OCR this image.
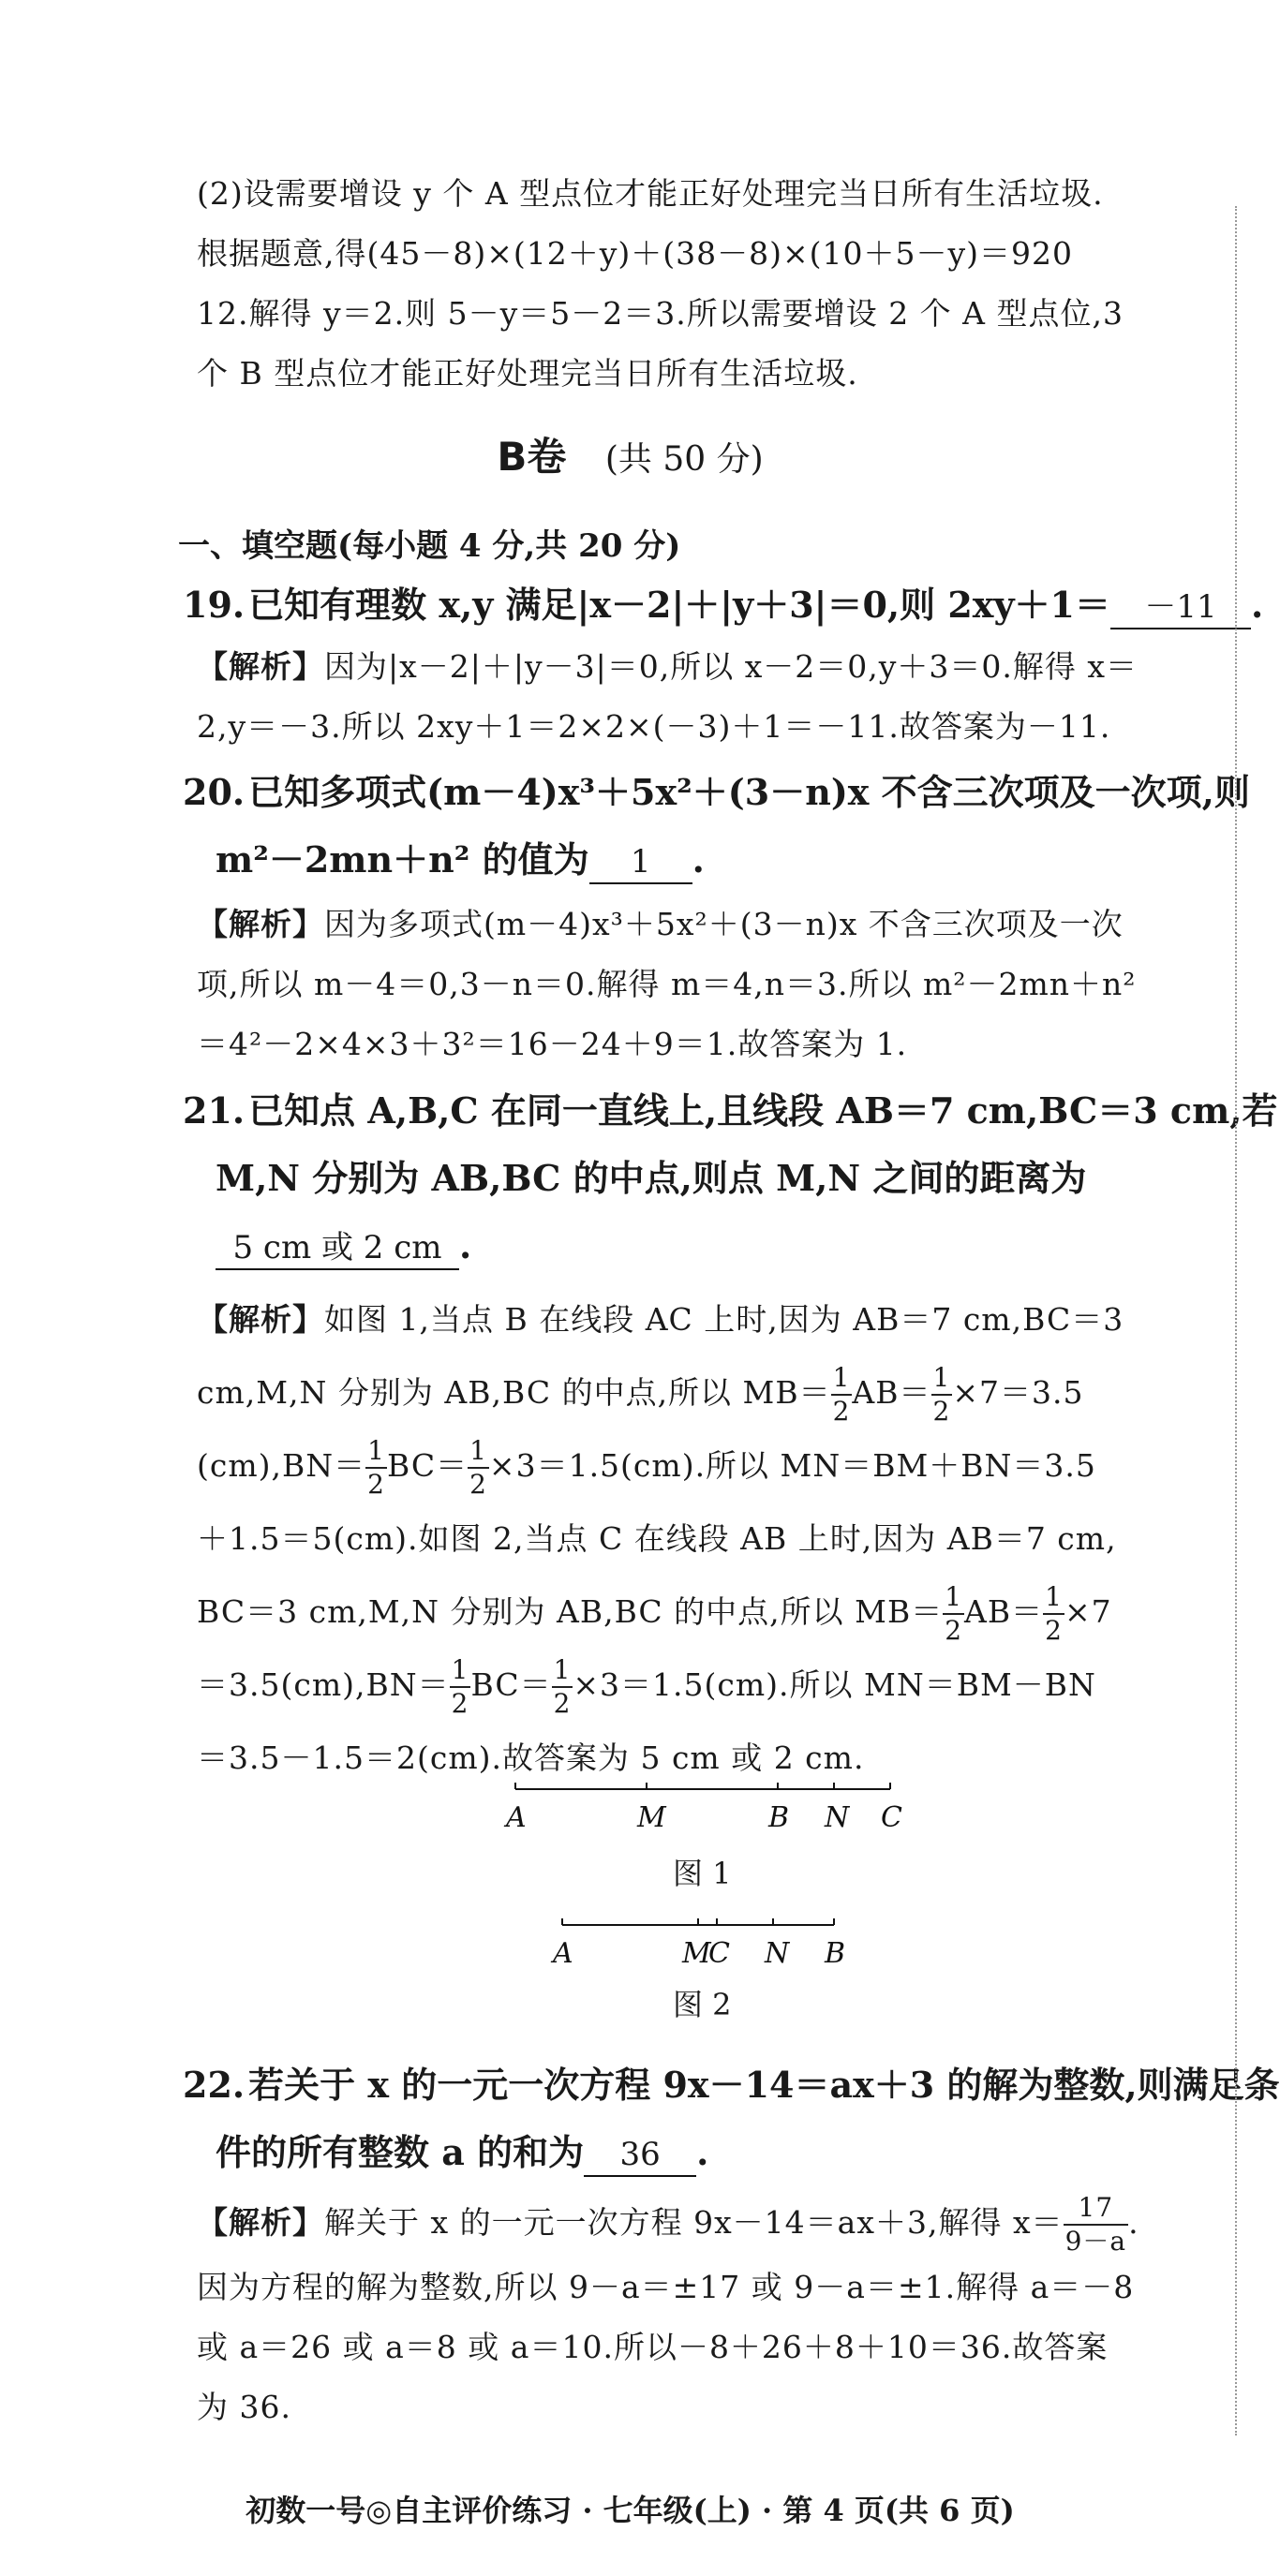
(2)设需要增设 y 个 A 型点位才能正好处理完当日所有生活垃圾.
根据题意,得(45－8)×(12＋y)＋(38－8)×(10＋5－y)＝920
12.解得 y＝2.则 5－y＝5－2＝3.所以需要增设 2 个 A 型点位,3
个 B 型点位才能正好处理完当日所有生活垃圾.
B卷 (共 50 分)
一、填空题(每小题 4 分,共 20 分)
19. 已知有理数 x,y 满足|x－2|＋|y＋3|＝0,则 2xy＋1＝ －11 .
【解析】因为|x－2|＋|y－3|＝0,所以 x－2＝0,y＋3＝0.解得 x＝
2,y＝－3.所以 2xy＋1＝2×2×(－3)＋1＝－11.故答案为－11.
20. 已知多项式(m－4)x³＋5x²＋(3－n)x 不含三次项及一次项,则
m²－2mn＋n² 的值为 1 .
【解析】因为多项式(m－4)x³＋5x²＋(3－n)x 不含三次项及一次
项,所以 m－4＝0,3－n＝0.解得 m＝4,n＝3.所以 m²－2mn＋n²
＝4²－2×4×3＋3²＝16－24＋9＝1.故答案为 1.
21. 已知点 A,B,C 在同一直线上,且线段 AB＝7 cm,BC＝3 cm,若
M,N 分别为 AB,BC 的中点,则点 M,N 之间的距离为
5 cm 或 2 cm .
【解析】如图 1,当点 B 在线段 AC 上时,因为 AB＝7 cm,BC＝3
cm,M,N 分别为 AB,BC 的中点,所以 $MB= \frac{1}{2} AB= \frac{1}{2} \times 7=3.5$
$(cm),BN= \frac{1}{2} BC= \frac{1}{2} \times 3=1.5(cm)$.所以 MN＝BM＋BN＝3.5
＋1.5＝5(cm).如图 2,当点 C 在线段 AB 上时,因为 AB＝7 cm,
BC＝3 cm,M,N 分别为 AB,BC 的中点,所以 $MB= \frac{1}{2} AB= \frac{1}{2} \times 7$
$=3.5(cm),BN= \frac{1}{2} BC= \frac{1}{2} \times 3=1.5(cm)$.所以 MN＝BM－BN
＝3.5－1.5＝2(cm).故答案为 5 cm 或 2 cm.
A	M	B N C
图 1
A	M
C N B
图 2
22. 若关于 x 的一元一次方程 9x－14＝ax＋3 的解为整数,则满足条
件的所有整数 a 的和为 36 .
【解析】解关于 x 的一元一次方程 9x－14＝ax＋3,解得 $x= \frac{17}{9-a}$ .
因为方程的解为整数,所以 9－a＝±17 或 9－a＝±1.解得 a＝－8
或 a＝26 或 a＝8 或 a＝10.所以－8＋26＋8＋10＝36.故答案
为 36.
初数一号◎自主评价练习 · 七年级(上) · 第 4 页(共 6 页)
